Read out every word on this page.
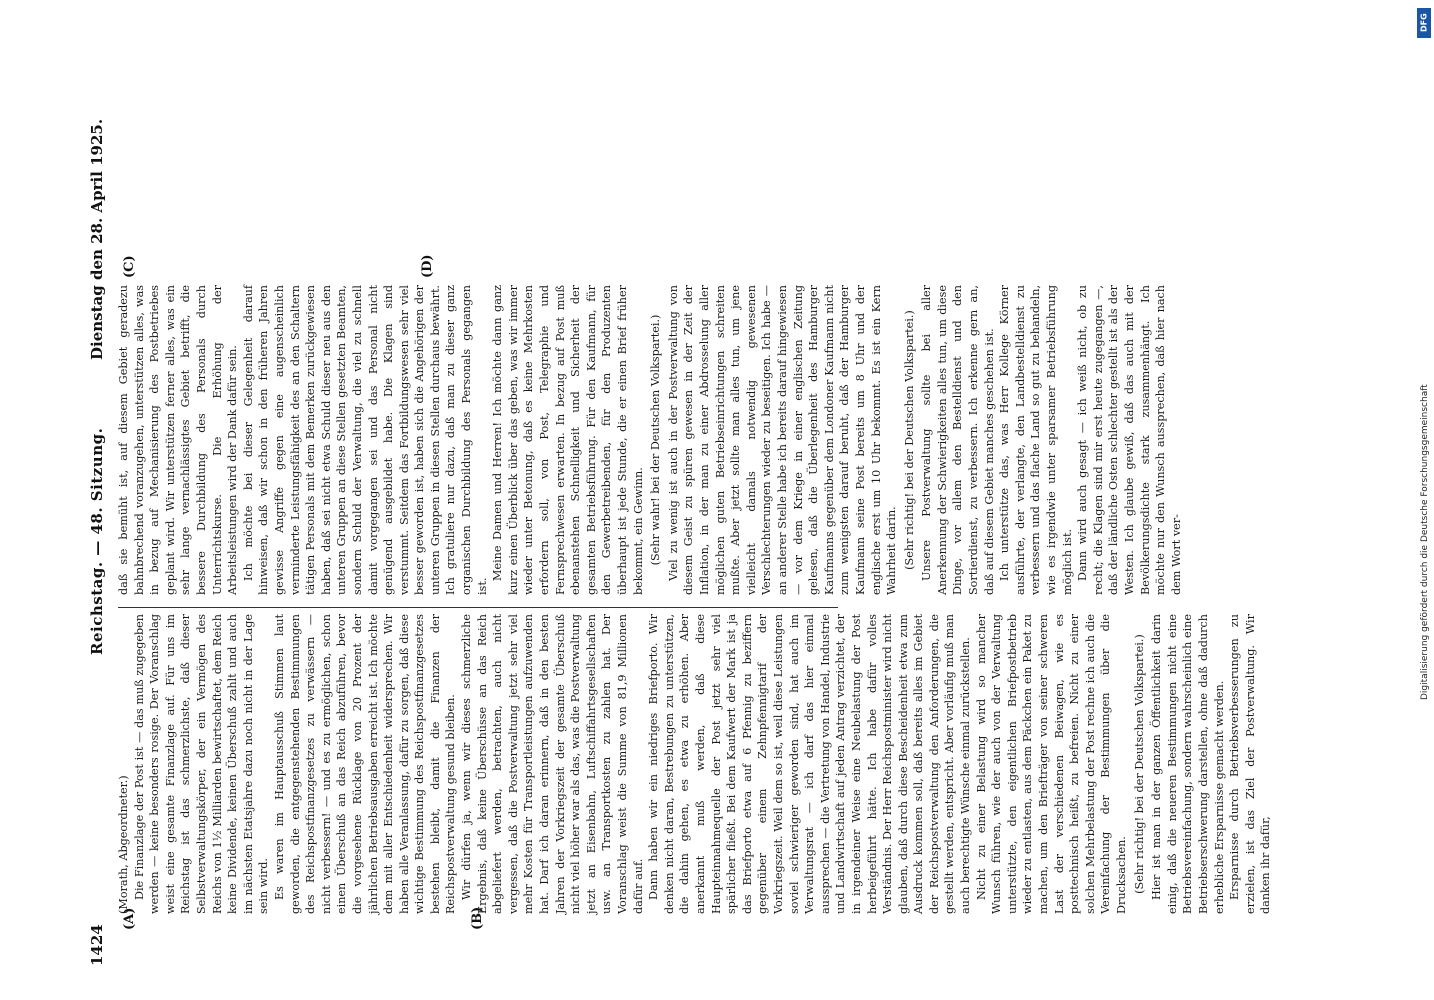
1424
Reichstag. — 48. Sitzung.
Dienstag den 28. April 1925.
(A)	(B)
(C)	(D)

(Morath, Abgeordneter.) Die Finanzlage der Post ist — das muß zugegeben werden — keine besonders rosige. Der Voranschlag weist eine gesamte Finanzlage auf. Für uns im Reichstag ist das schmerzlichste, daß dieser Selbstverwaltungskörper, der ein Vermögen des Reichs von 1½ Milliarden bewirtschaftet, dem Reich keine Dividende, keinen Überschuß zahlt und auch im nächsten Etatsjahre dazu noch nicht in der Lage sein wird. Es waren im Hauptausschuß Stimmen laut geworden, die entgegenstehenden Bestimmungen des Reichspostfinanzgesetzes zu verwässern — nicht verbessern! — und es zu ermöglichen, schon einen Überschuß an das Reich abzuführen, bevor die vorgesehene Rücklage von 20 Prozent der jährlichen Betriebsausgaben erreicht ist. Ich möchte dem mit aller Entschiedenheit widersprechen. Wir haben alle Veranlassung, dafür zu sorgen, daß diese wichtige Bestimmung des Reichspostfinanzgesetzes bestehen bleibt, damit die Finanzen der Reichspostverwaltung gesund bleiben. Wir dürfen ja, wenn wir dieses schmerzliche Ergebnis, daß keine Überschüsse an das Reich abgeliefert werden, betrachten, auch nicht vergessen, daß die Postverwaltung jetzt sehr viel mehr Kosten für Transportleistungen aufzuwenden hat. Darf ich daran erinnern, daß in den besten Jahren der Vorkriegszeit der gesamte Überschuß nicht viel höher war als das, was die Postverwaltung jetzt an Eisenbahn, Luftschiffahrtsgesellschaften usw. an Transportkosten zu zahlen hat. Der Voranschlag weist die Summe von 81,9 Millionen dafür auf. Dann haben wir ein niedriges Briefporto. Wir denken nicht daran, Bestrebungen zu unterstützen, die dahin gehen, es etwa zu erhöhen. Aber anerkannt muß werden, daß diese Haupteinnahmequelle der Post jetzt sehr viel spärlicher fließt. Bei dem Kaufwert der Mark ist ja das Briefporto etwa auf 6 Pfennig zu beziffern gegenüber einem Zehnpfennigtarif der Vorkriegszeit. Weil dem so ist, weil diese Leistungen soviel schwieriger geworden sind, hat auch im Verwaltungsrat — ich darf das hier einmal aussprechen — die Vertretung von Handel, Industrie und Landwirtschaft auf jeden Antrag verzichtet, der in irgendeiner Weise eine Neubelastung der Post herbeigeführt hätte. Ich habe dafür volles Verständnis. Der Herr Reichspostminister wird nicht glauben, daß durch diese Bescheidenheit etwa zum Ausdruck kommen soll, daß bereits alles im Gebiet der Reichspostverwaltung den Anforderungen, die gestellt werden, entspricht. Aber vorläufig muß man auch berechtigte Wünsche einmal zurückstellen. Nicht zu einer Belastung wird so mancher Wunsch führen, wie der auch von der Verwaltung unterstützte, den eigentlichen Briefpostbetrieb wieder zu entlasten, aus dem Päckchen ein Paket zu machen, um den Briefträger von seiner schweren Last der verschiedenen Beiwagen, wie es posttechnisch heißt, zu befreien. Nicht zu einer solchen Mehrbelastung der Post rechne ich auch die Vereinfachung der Bestimmungen über die Drucksachen. (Sehr richtig! bei der Deutschen Volkspartei.) Hier ist man in der ganzen Öffentlichkeit darin einig, daß die neueren Bestimmungen nicht eine Betriebsvereinfachung, sondern wahrscheinlich eine Betriebserschwerung darstellen, ohne daß dadurch erhebliche Ersparnisse gemacht werden. Ersparnisse durch Betriebsverbesserungen zu erzielen, ist das Ziel der Postverwaltung. Wir danken ihr dafür,

daß sie bemüht ist, auf diesem Gebiet geradezu bahnbrechend voranzugehen, unterstützen alles, was in bezug auf Mechanisierung des Postbetriebes geplant wird. Wir unterstützen ferner alles, was ein sehr lange vernachlässigtes Gebiet betrifft, die bessere Durchbildung des Personals durch Unterrichtskurse. Die Erhöhung der Arbeitsleistungen wird der Dank dafür sein. Ich möchte bei dieser Gelegenheit darauf hinweisen, daß wir schon in den früheren Jahren gewisse Angriffe gegen eine augenscheinlich verminderte Leistungsfähigkeit des an den Schaltern tätigen Personals mit dem Bemerken zurückgewiesen haben, daß sei nicht etwa Schuld dieser neu aus den unteren Gruppen an diese Stellen gesetzten Beamten, sondern Schuld der Verwaltung, die viel zu schnell damit vorgegangen sei und das Personal nicht genügend ausgebildet habe. Die Klagen sind verstummt. Seitdem das Fortbildungswesen sehr viel besser geworden ist, haben sich die Angehörigen der unteren Gruppen in diesen Stellen durchaus bewährt. Ich gratuliere nur dazu, daß man zu dieser ganz organischen Durchbildung des Personals gegangen ist.

Meine Damen und Herren! Ich möchte dann ganz kurz einen Überblick über das geben, was wir immer wieder unter Betonung, daß es keine Mehrkosten erfordern soll, von Post, Telegraphie und Fernsprechwesen erwarten. In bezug auf Post muß ebenanstehen Schnelligkeit und Sicherheit der gesamten Betriebsführung. Für den Kaufmann, für den Gewerbetreibenden, für den Produzenten überhaupt ist jede Stunde, die er einen Brief früher bekommt, ein Gewinn. (Sehr wahr! bei der Deutschen Volkspartei.) Viel zu wenig ist auch in der Postverwaltung von diesem Geist zu spüren gewesen in der Zeit der Inflation, in der man zu einer Abdrosselung aller möglichen guten Betriebseinrichtungen schreiten mußte. Aber jetzt sollte man alles tun, um jene vielleicht damals notwendig gewesenen Verschlechterungen wieder zu beseitigen. Ich habe — an anderer Stelle habe ich bereits darauf hingewiesen — vor dem Kriege in einer englischen Zeitung gelesen, daß die Überlegenheit des Hamburger Kaufmanns gegenüber dem Londoner Kaufmann nicht zum wenigsten darauf beruht, daß der Hamburger Kaufmann seine Post bereits um 8 Uhr und der englische erst um 10 Uhr bekommt. Es ist ein Kern Wahrheit darin. (Sehr richtig! bei der Deutschen Volkspartei.) Unsere Postverwaltung sollte bei aller Anerkennung der Schwierigkeiten alles tun, um diese Dinge, vor allem den Bestelldienst und den Sortierdienst, zu verbessern. Ich erkenne gern an, daß auf diesem Gebiet manches geschehen ist. Ich unterstütze das, was Herr Kollege Körner ausführte, der verlangte, den Landbestelldienst zu verbessern und das flache Land so gut zu behandeln, wie es irgendwie unter sparsamer Betriebsführung möglich ist. Dann wird auch gesagt — ich weiß nicht, ob zu recht; die Klagen sind mir erst heute zugegangen —, daß der ländliche Osten schlechter gestellt ist als der Westen. Ich glaube gewiß, daß das auch mit der Bevölkerungsdichte stark zusammenhängt. Ich möchte nur den Wunsch aussprechen, daß hier nach dem Wort ver-

DFG
Digitalisierung gefördert durch die Deutsche Forschungsgemeinschaft
